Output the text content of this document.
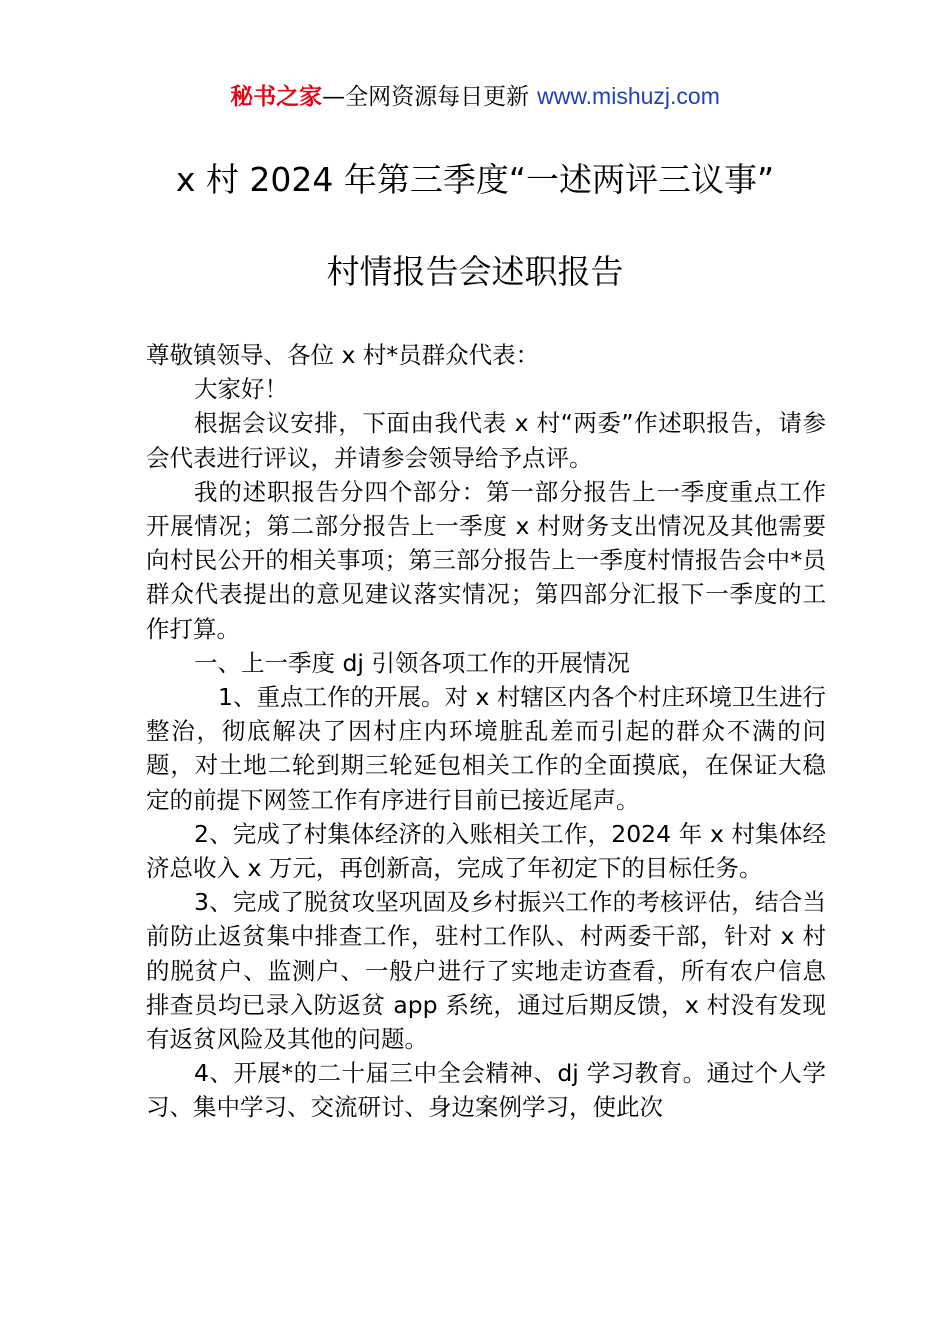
秘书之家—全网资源每日更新 www.mishuzj.com
x 村 2024 年第三季度“一述两评三议事”
村情报告会述职报告

尊敬镇领导、各位 x 村*员群众代表：

大家好！

根据会议安排，下面由我代表 x 村“两委”作述职报告，请参会代表进行评议，并请参会领导给予点评。

我的述职报告分四个部分：第一部分报告上一季度重点工作开展情况；第二部分报告上一季度 x 村财务支出情况及其他需要向村民公开的相关事项；第三部分报告上一季度村情报告会中*员群众代表提出的意见建议落实情况；第四部分汇报下一季度的工作打算。

一、上一季度 dj 引领各项工作的开展情况

1、重点工作的开展。对 x 村辖区内各个村庄环境卫生进行整治，彻底解决了因村庄内环境脏乱差而引起的群众不满的问题，对土地二轮到期三轮延包相关工作的全面摸底，在保证大稳定的前提下网签工作有序进行目前已接近尾声。

2、完成了村集体经济的入账相关工作，2024 年 x 村集体经济总收入 x 万元，再创新高，完成了年初定下的目标任务。

3、完成了脱贫攻坚巩固及乡村振兴工作的考核评估，结合当前防止返贫集中排查工作，驻村工作队、村两委干部，针对 x 村的脱贫户、监测户、一般户进行了实地走访查看，所有农户信息排查员均已录入防返贫 app 系统，通过后期反馈，x 村没有发现有返贫风险及其他的问题。

4、开展*的二十届三中全会精神、dj 学习教育。通过个人学习、集中学习、交流研讨、身边案例学习，使此次
